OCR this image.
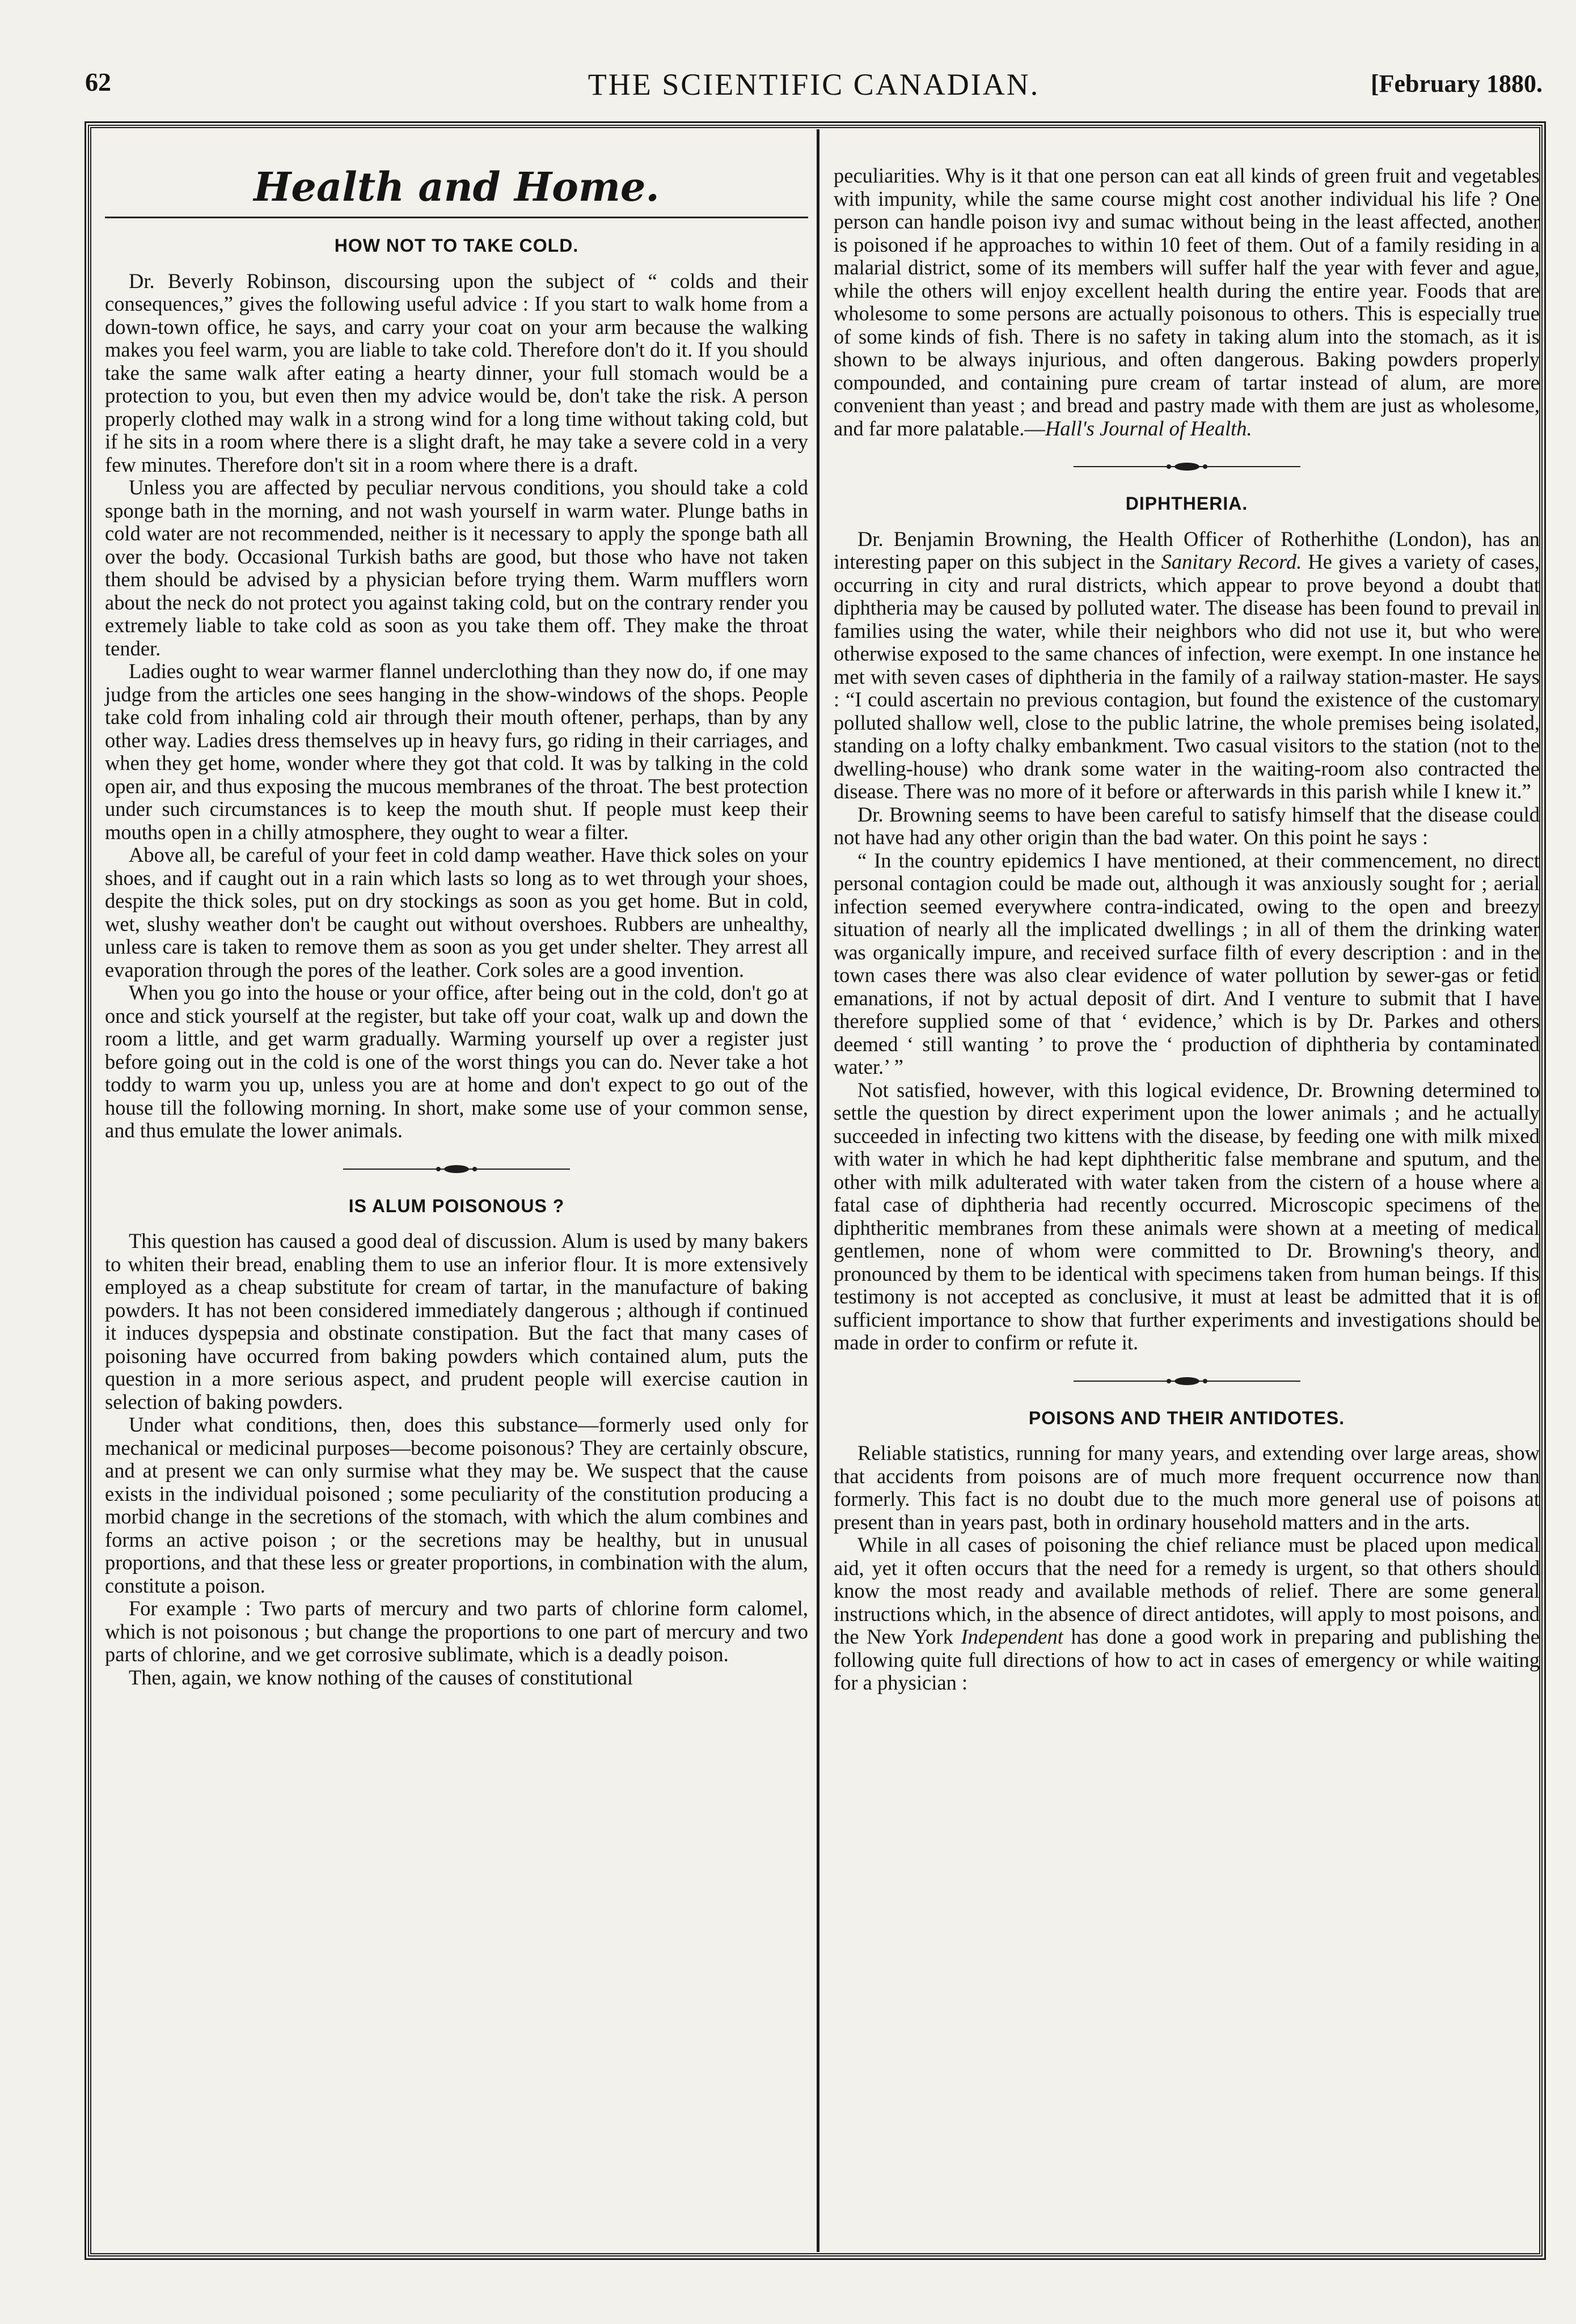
62	THE SCIENTIFIC CANADIAN.	[February 1880.
Health and Home.
HOW NOT TO TAKE COLD.

Dr. Beverly Robinson, discoursing upon the subject of “ colds and their consequences,” gives the following useful advice : If you start to walk home from a down-town office, he says, and carry your coat on your arm because the walking makes you feel warm, you are liable to take cold. Therefore don't do it. If you should take the same walk after eating a hearty dinner, your full stomach would be a protection to you, but even then my advice would be, don't take the risk. A person properly clothed may walk in a strong wind for a long time without taking cold, but if he sits in a room where there is a slight draft, he may take a severe cold in a very few minutes. Therefore don't sit in a room where there is a draft.

Unless you are affected by peculiar nervous conditions, you should take a cold sponge bath in the morning, and not wash yourself in warm water. Plunge baths in cold water are not recommended, neither is it necessary to apply the sponge bath all over the body. Occasional Turkish baths are good, but those who have not taken them should be advised by a physician before trying them. Warm mufflers worn about the neck do not protect you against taking cold, but on the contrary render you extremely liable to take cold as soon as you take them off. They make the throat tender.

Ladies ought to wear warmer flannel underclothing than they now do, if one may judge from the articles one sees hanging in the show-windows of the shops. People take cold from inhaling cold air through their mouth oftener, perhaps, than by any other way. Ladies dress themselves up in heavy furs, go riding in their carriages, and when they get home, wonder where they got that cold. It was by talking in the cold open air, and thus exposing the mucous membranes of the throat. The best protection under such circumstances is to keep the mouth shut. If people must keep their mouths open in a chilly atmosphere, they ought to wear a filter.

Above all, be careful of your feet in cold damp weather. Have thick soles on your shoes, and if caught out in a rain which lasts so long as to wet through your shoes, despite the thick soles, put on dry stockings as soon as you get home. But in cold, wet, slushy weather don't be caught out without overshoes. Rubbers are unhealthy, unless care is taken to remove them as soon as you get under shelter. They arrest all evaporation through the pores of the leather. Cork soles are a good invention.

When you go into the house or your office, after being out in the cold, don't go at once and stick yourself at the register, but take off your coat, walk up and down the room a little, and get warm gradually. Warming yourself up over a register just before going out in the cold is one of the worst things you can do. Never take a hot toddy to warm you up, unless you are at home and don't expect to go out of the house till the following morning. In short, make some use of your common sense, and thus emulate the lower animals.

IS ALUM POISONOUS ?

This question has caused a good deal of discussion. Alum is used by many bakers to whiten their bread, enabling them to use an inferior flour. It is more extensively employed as a cheap substitute for cream of tartar, in the manufacture of baking powders. It has not been considered immediately dangerous ; although if continued it induces dyspepsia and obstinate constipation. But the fact that many cases of poisoning have occurred from baking powders which contained alum, puts the question in a more serious aspect, and prudent people will exercise caution in selection of baking powders.

Under what conditions, then, does this substance—formerly used only for mechanical or medicinal purposes—become poisonous? They are certainly obscure, and at present we can only surmise what they may be. We suspect that the cause exists in the individual poisoned ; some peculiarity of the constitution producing a morbid change in the secretions of the stomach, with which the alum combines and forms an active poison ; or the secretions may be healthy, but in unusual proportions, and that these less or greater proportions, in combination with the alum, constitute a poison.

For example : Two parts of mercury and two parts of chlorine form calomel, which is not poisonous ; but change the proportions to one part of mercury and two parts of chlorine, and we get corrosive sublimate, which is a deadly poison.

Then, again, we know nothing of the causes of constitutional

peculiarities. Why is it that one person can eat all kinds of green fruit and vegetables with impunity, while the same course might cost another individual his life ? One person can handle poison ivy and sumac without being in the least affected, another is poisoned if he approaches to within 10 feet of them. Out of a family residing in a malarial district, some of its members will suffer half the year with fever and ague, while the others will enjoy excellent health during the entire year. Foods that are wholesome to some persons are actually poisonous to others. This is especially true of some kinds of fish. There is no safety in taking alum into the stomach, as it is shown to be always injurious, and often dangerous. Baking powders properly compounded, and containing pure cream of tartar instead of alum, are more convenient than yeast ; and bread and pastry made with them are just as wholesome, and far more palatable.—Hall's Journal of Health.

DIPHTHERIA.

Dr. Benjamin Browning, the Health Officer of Rotherhithe (London), has an interesting paper on this subject in the Sanitary Record. He gives a variety of cases, occurring in city and rural districts, which appear to prove beyond a doubt that diphtheria may be caused by polluted water. The disease has been found to prevail in families using the water, while their neighbors who did not use it, but who were otherwise exposed to the same chances of infection, were exempt. In one instance he met with seven cases of diphtheria in the family of a railway station-master. He says : “I could ascertain no previous contagion, but found the existence of the customary polluted shallow well, close to the public latrine, the whole premises being isolated, standing on a lofty chalky embankment. Two casual visitors to the station (not to the dwelling-house) who drank some water in the waiting-room also contracted the disease. There was no more of it before or afterwards in this parish while I knew it.”

Dr. Browning seems to have been careful to satisfy himself that the disease could not have had any other origin than the bad water. On this point he says :

“ In the country epidemics I have mentioned, at their commencement, no direct personal contagion could be made out, although it was anxiously sought for ; aerial infection seemed everywhere contra-indicated, owing to the open and breezy situation of nearly all the implicated dwellings ; in all of them the drinking water was organically impure, and received surface filth of every description : and in the town cases there was also clear evidence of water pollution by sewer-gas or fetid emanations, if not by actual deposit of dirt. And I venture to submit that I have therefore supplied some of that ‘ evidence,’ which is by Dr. Parkes and others deemed ‘ still wanting ’ to prove the ‘ production of diphtheria by contaminated water.’ ”

Not satisfied, however, with this logical evidence, Dr. Browning determined to settle the question by direct experiment upon the lower animals ; and he actually succeeded in infecting two kittens with the disease, by feeding one with milk mixed with water in which he had kept diphtheritic false membrane and sputum, and the other with milk adulterated with water taken from the cistern of a house where a fatal case of diphtheria had recently occurred. Microscopic specimens of the diphtheritic membranes from these animals were shown at a meeting of medical gentlemen, none of whom were committed to Dr. Browning's theory, and pronounced by them to be identical with specimens taken from human beings. If this testimony is not accepted as conclusive, it must at least be admitted that it is of sufficient importance to show that further experiments and investigations should be made in order to confirm or refute it.

POISONS AND THEIR ANTIDOTES.

Reliable statistics, running for many years, and extending over large areas, show that accidents from poisons are of much more frequent occurrence now than formerly. This fact is no doubt due to the much more general use of poisons at present than in years past, both in ordinary household matters and in the arts.

While in all cases of poisoning the chief reliance must be placed upon medical aid, yet it often occurs that the need for a remedy is urgent, so that others should know the most ready and available methods of relief. There are some general instructions which, in the absence of direct antidotes, will apply to most poisons, and the New York Independent has done a good work in preparing and publishing the following quite full directions of how to act in cases of emergency or while waiting for a physician :
